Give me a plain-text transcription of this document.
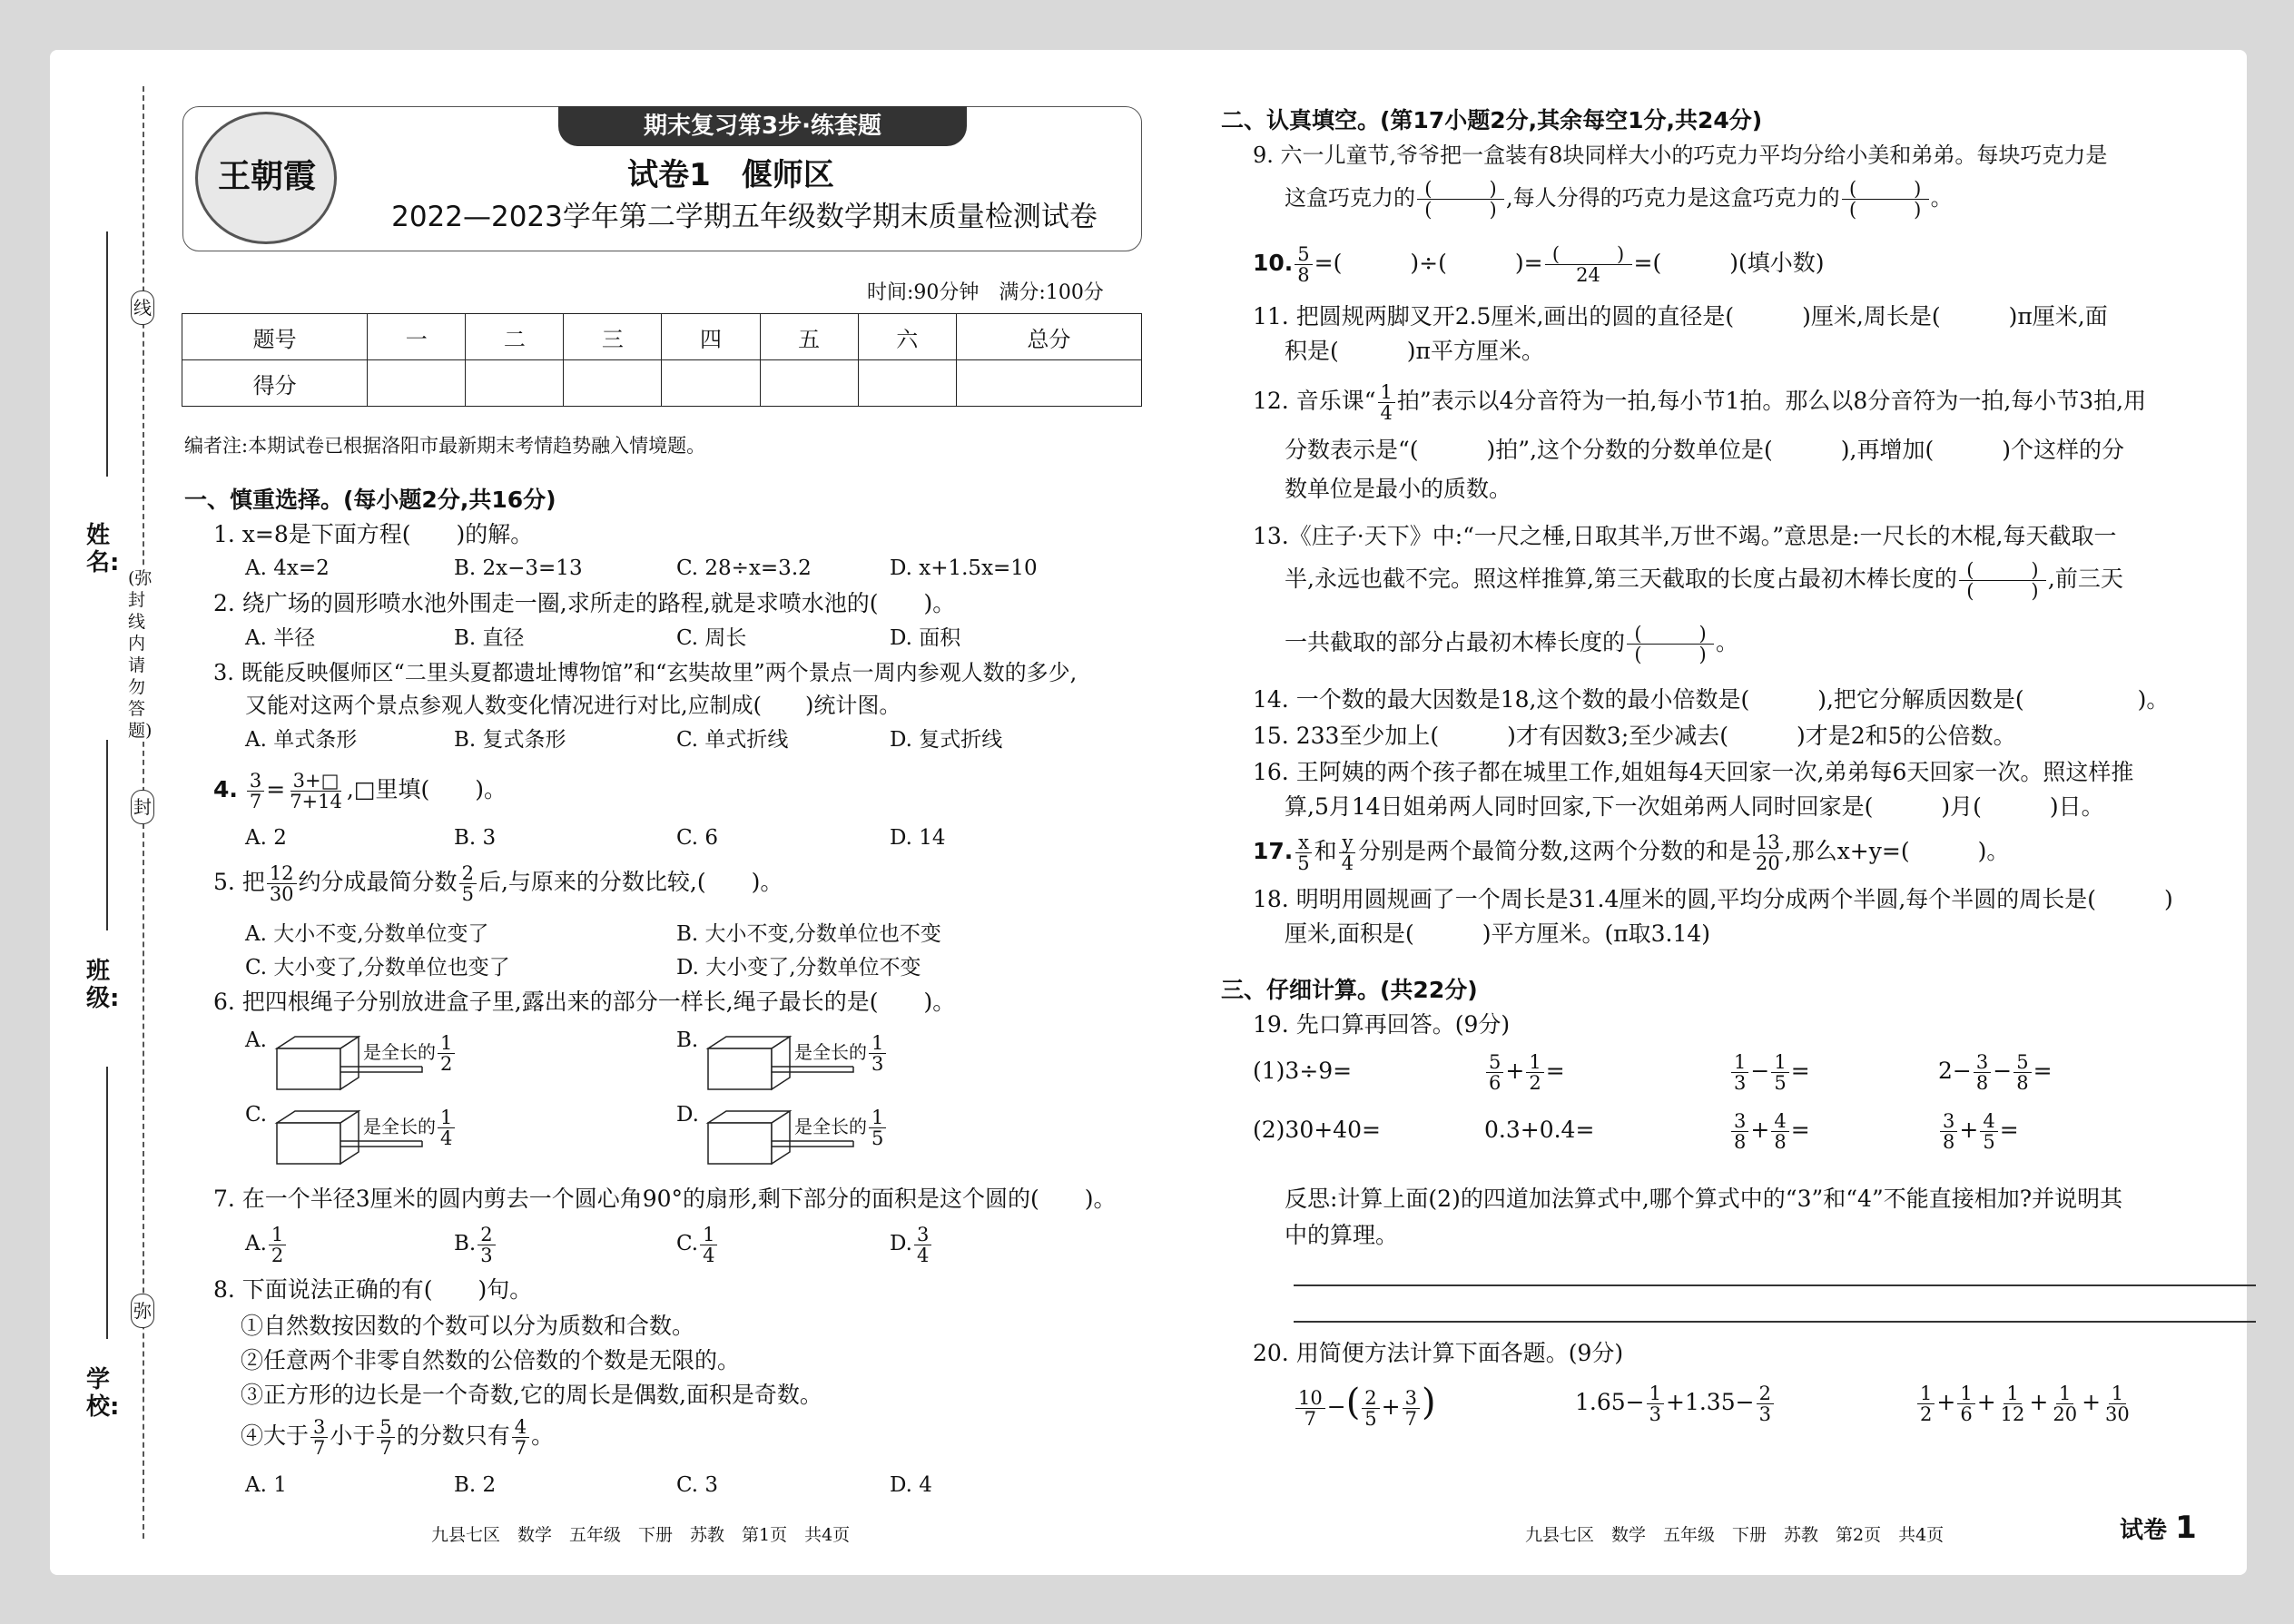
姓名:
班级:
学校:
线
封
弥
(弥封线内请勿答题)
王朝霞
期末复习第3步·练套题
试卷1　偃师区
2022—2023学年第二学期五年级数学期末质量检测试卷
时间:90分钟　满分:100分
题号	一	二	三	四	五	六	总分
得分							
编者注:本期试卷已根据洛阳市最新期末考情趋势融入情境题。
一、慎重选择。(每小题2分,共16分)
1. x=8是下面方程(　　)的解。
A. 4x=2	B. 2x−3=13	C. 28÷x=3.2	D. x+1.5x=10
2. 绕广场的圆形喷水池外围走一圈,求所走的路程,就是求喷水池的(　　)。
A. 半径	B. 直径	C. 周长	D. 面积
3. 既能反映偃师区“二里头夏都遗址博物馆”和“玄奘故里”两个景点一周内参观人数的多少,
又能对这两个景点参观人数变化情况进行对比,应制成(　　)统计图。
A. 单式条形	B. 复式条形	C. 单式折线	D. 复式折线
4. $\frac{3}{7} = \frac{3+□}{7+14}$ ,□里填(　　)。
A. 2	B. 3	C. 6	D. 14
5. 把 $\frac{12}{30}$ 约分成最简分数 $\frac{2}{5}$ 后,与原来的分数比较,(　　)。
A. 大小不变,分数单位变了	B. 大小不变,分数单位也不变
C. 大小变了,分数单位也变了	D. 大小变了,分数单位不变
6. 把四根绳子分别放进盒子里,露出来的部分一样长,绳子最长的是(　　)。
A.	B.
C.	D.
是全长的 $\frac{1}{2}$	是全长的 $\frac{1}{3}$
是全长的 $\frac{1}{4}$	是全长的 $\frac{1}{5}$
7. 在一个半径3厘米的圆内剪去一个圆心角90°的扇形,剩下部分的面积是这个圆的(　　)。
A. $\frac{1}{2}$	B. $\frac{2}{3}$	C. $\frac{1}{4}$	D. $\frac{3}{4}$
8. 下面说法正确的有(　　)句。
①自然数按因数的个数可以分为质数和合数。
②任意两个非零自然数的公倍数的个数是无限的。
③正方形的边长是一个奇数,它的周长是偶数,面积是奇数。
④大于 $\frac{3}{7}$ 小于 $\frac{5}{7}$ 的分数只有 $\frac{4}{7}$ 。
A. 1	B. 2	C. 3	D. 4
九县七区　数学　五年级　下册　苏教　第1页　共4页
二、认真填空。(第17小题2分,其余每空1分,共24分)
9. 六一儿童节,爷爷把一盒装有8块同样大小的巧克力平均分给小美和弟弟。每块巧克力是
这盒巧克力的 $\frac{( )}{( )}$ ,每人分得的巧克力是这盒巧克力的 $\frac{( )}{( )}$ 。
10. $\frac{5}{8}$ =(　　　)÷(　　　)= $\frac{( )}{24}$ =(　　　)(填小数)
11. 把圆规两脚叉开2.5厘米,画出的圆的直径是(　　　)厘米,周长是(　　　)π厘米,面
积是(　　　)π平方厘米。
12. 音乐课“ $\frac{1}{4}$ 拍”表示以4分音符为一拍,每小节1拍。那么以8分音符为一拍,每小节3拍,用
分数表示是“(　　　)拍”,这个分数的分数单位是(　　　),再增加(　　　)个这样的分
数单位是最小的质数。
13.《庄子·天下》中:“一尺之棰,日取其半,万世不竭。”意思是:一尺长的木棍,每天截取一
半,永远也截不完。照这样推算,第三天截取的长度占最初木棒长度的 $\frac{( )}{( )}$ ,前三天
一共截取的部分占最初木棒长度的 $\frac{( )}{( )}$ 。
14. 一个数的最大因数是18,这个数的最小倍数是(　　　),把它分解质因数是(　　　　　)。
15. 233至少加上(　　　)才有因数3;至少减去(　　　)才是2和5的公倍数。
16. 王阿姨的两个孩子都在城里工作,姐姐每4天回家一次,弟弟每6天回家一次。照这样推
算,5月14日姐弟两人同时回家,下一次姐弟两人同时回家是(　　　)月(　　　)日。
17. $\frac{x}{5}$ 和 $\frac{y}{4}$ 分别是两个最简分数,这两个分数的和是 $\frac{13}{20}$ ,那么x+y=(　　　)。
18. 明明用圆规画了一个周长是31.4厘米的圆,平均分成两个半圆,每个半圆的周长是(　　　)
厘米,面积是(　　　)平方厘米。(π取3.14)
三、仔细计算。(共22分)
19. 先口算再回答。(9分)
(1)3÷9=	$\frac{5}{6} + \frac{1}{2}$ =	$\frac{1}{3} - \frac{1}{5}$ =	$2- \frac{3}{8} - \frac{5}{8}$ =
(2)30+40=	0.3+0.4=	$\frac{3}{8} + \frac{4}{8}$ =	$\frac{3}{8} + \frac{4}{5}$ =
反思:计算上面(2)的四道加法算式中,哪个算式中的“3”和“4”不能直接相加?并说明其
中的算理。
20. 用简便方法计算下面各题。(9分)
$\frac{10}{7}$ −( $\frac{2}{5} + \frac{3}{7}$ )	$1.65- \frac{1}{3} +1.35- \frac{2}{3}$	$\frac{1}{2} + \frac{1}{6} + \frac{1}{12} + \frac{1}{20} + \frac{1}{30}$
九县七区　数学　五年级　下册　苏教　第2页　共4页	试卷 1
